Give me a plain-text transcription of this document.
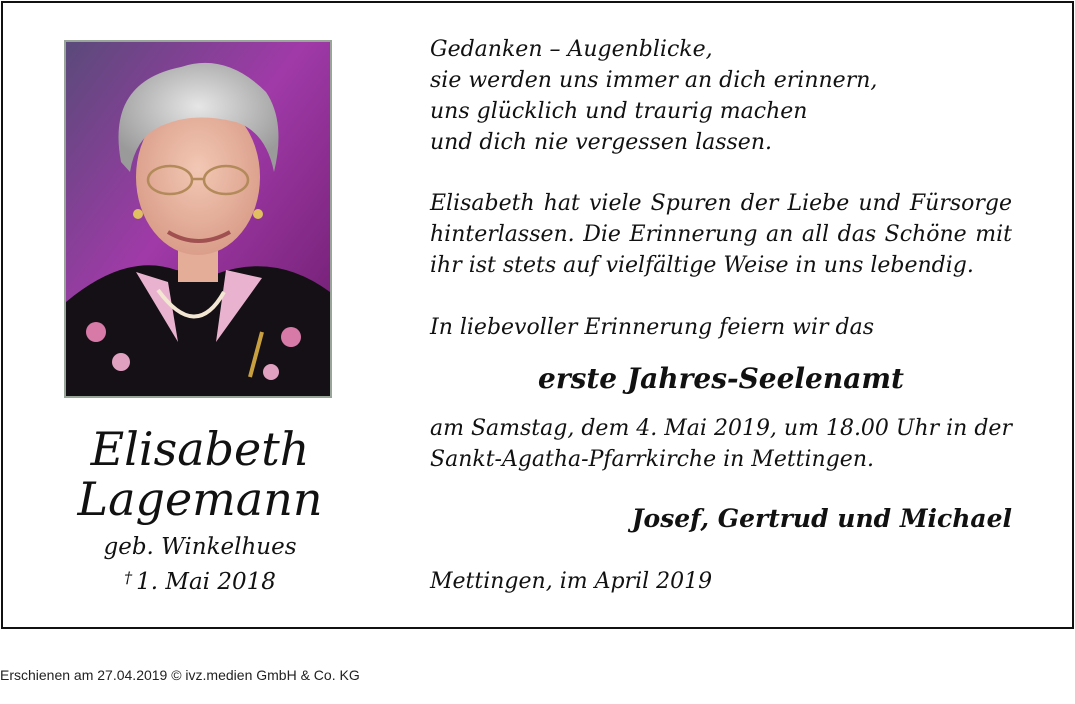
Elisabeth
Lagemann
geb. Winkelhues
† 1. Mai 2018
Gedanken – Augenblicke,
sie werden uns immer an dich erinnern,
uns glücklich und traurig machen
und dich nie vergessen lassen.
Elisabeth hat viele Spuren der Liebe und Fürsorge
hinterlassen. Die Erinnerung an all das Schöne mit
ihr ist stets auf vielfältige Weise in uns lebendig.
In liebevoller Erinnerung feiern wir das
erste Jahres-Seelenamt
am Samstag, dem 4. Mai 2019, um 18.00 Uhr in der
Sankt-Agatha-Pfarrkirche in Mettingen.
Josef, Gertrud und Michael
Mettingen, im April 2019
Erschienen am 27.04.2019 © ivz.medien GmbH & Co. KG
